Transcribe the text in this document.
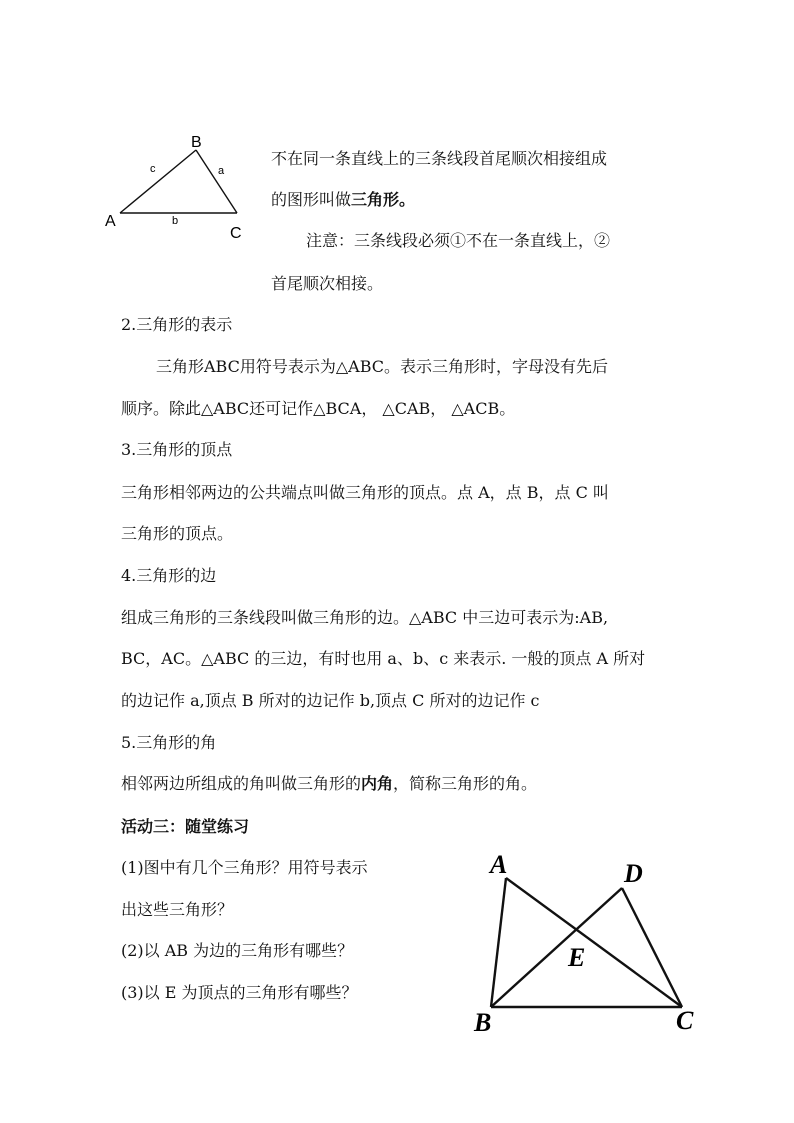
B
A
C
c	a
b
不在同一条直线上的三条线段首尾顺次相接组成
的图形叫做三角形。
注意：三条线段必须①不在一条直线上，②
首尾顺次相接。
2.三角形的表示
三角形ABC用符号表示为△ABC。表示三角形时，字母没有先后
顺序。除此△ABC还可记作△BCA， △CAB， △ACB。
3.三角形的顶点
三角形相邻两边的公共端点叫做三角形的顶点。点 A，点 B，点 C 叫
三角形的顶点。
4.三角形的边
组成三角形的三条线段叫做三角形的边。△ABC 中三边可表示为:AB,
BC，AC。△ABC 的三边，有时也用 a、b、c 来表示. 一般的顶点 A 所对
的边记作 a,顶点 B 所对的边记作 b,顶点 C 所对的边记作 c
5.三角形的角
相邻两边所组成的角叫做三角形的内角，简称三角形的角。
活动三：随堂练习
(1)图中有几个三角形？用符号表示
出这些三角形？
(2)以 AB 为边的三角形有哪些？
(3)以 E 为顶点的三角形有哪些？
A	D
E
B	C
